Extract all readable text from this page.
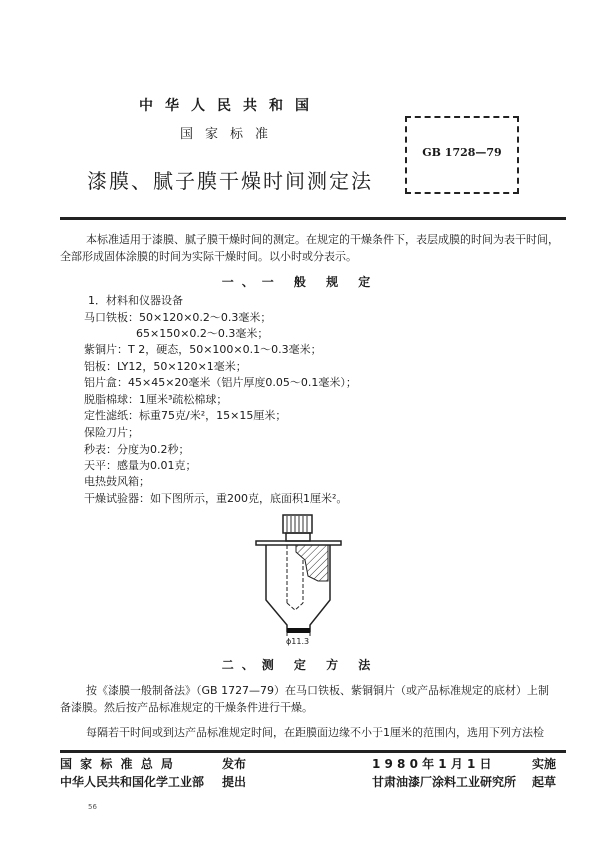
中华人民共和国
国家标准
漆膜、腻子膜干燥时间测定法
GB 1728—79
本标准适用于漆膜、腻子膜干燥时间的测定。在规定的干燥条件下，表层成膜的时间为表干时间，
全部形成固体涂膜的时间为实际干燥时间。以小时或分表示。
一、一 般 规 定
1．材料和仪器设备
马口铁板：50×120×0.2～0.3毫米；
65×150×0.2～0.3毫米；
紫铜片：T 2，硬态，50×100×0.1～0.3毫米；
铝板：LY12，50×120×1毫米；
铝片盒：45×45×20毫米（铝片厚度0.05～0.1毫米）；
脱脂棉球：1厘米³疏松棉球；
定性滤纸：标重75克/米²，15×15厘米；
保险刀片；
秒表：分度为0.2秒；
天平：感量为0.01克；
电热鼓风箱；
干燥试验器：如下图所示，重200克，底面积1厘米²。
ϕ11.3
二、测 定 方 法
按《漆膜一般制备法》（GB 1727—79）在马口铁板、紫铜铜片（或产品标准规定的底材）上制
备漆膜。然后按产品标准规定的干燥条件进行干燥。
每隔若干时间或到达产品标准规定时间，在距膜面边缘不小于1厘米的范围内，选用下列方法检
国 家 标 准 总 局	发布
中华人民共和国化学工业部 提出
1 9 8 0 年 1 月 1 日	实施
甘肃油漆厂涂料工业研究所 起草
56
